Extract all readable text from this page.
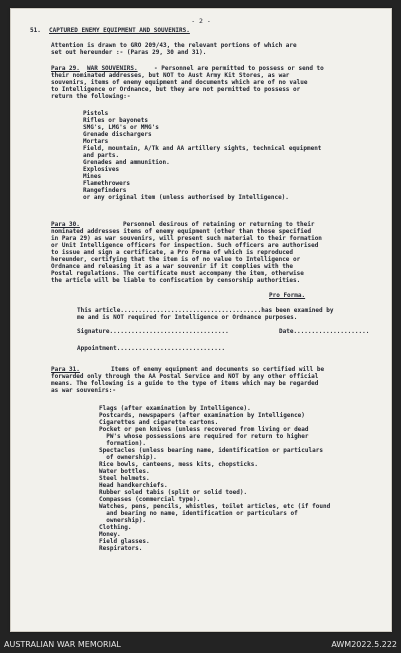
- 2 -
51. CAPTURED ENEMY EQUIPMENT AND SOUVENIRS.
Attention is drawn to GRO 209/43, the relevant portions of which are
set out hereunder :- (Paras 29, 30 and 31).
Para 29. WAR SOUVENIRS.	- Personnel are permitted to possess or send to
their nominated addresses, but NOT to Aust Army Kit Stores, as war
souvenirs, items of enemy equipment and documents which are of no value
to Intelligence or Ordnance, but they are not permitted to possess or
return the following:-
Pistols
Rifles or bayonets
SMG's, LMG's or MMG's
Grenade dischargers
Mortars
Field, mountain, A/Tk and AA artillery sights, technical equipment
and parts.
Grenades and ammunition.
Explosives
Mines
Flamethrowers
Rangefinders
or any original item (unless authorised by Intelligence).
Para 30.	Personnel desirous of retaining or returning to their
nominated addresses items of enemy equipment (other than those specified
in Para 29) as war souvenirs, will present such material to their formation
or Unit Intelligence officers for inspection. Such officers are authorised
to issue and sign a certificate, a Pro Forma of which is reproduced
hereunder, certifying that the item is of no value to Intelligence or
Ordnance and releasing it as a war souvenir if it complies with the
Postal regulations. The certificate must accompany the item, otherwise
the article will be liable to confiscation by censorship authorities.
Pro Forma.
This article.......................................has been examined by
me and is NOT required for Intelligence or Ordnance purposes.
Signature.................................	Date.....................
Appointment..............................
Para 31.	Items of enemy equipment and documents so certified will be
forwarded only through the AA Postal Service and NOT by any other official
means. The following is a guide to the type of items which may be regarded
as war souvenirs:-
Flags (after examination by Intelligence).
Postcards, newspapers (after examination by Intelligence)
Cigarettes and cigarette cartons.
Pocket or pen knives (unless recovered from living or dead
PW's whose possessions are required for return to higher
formation).
Spectacles (unless bearing name, identification or particulars
of ownership).
Rice bowls, canteens, mess kits, chopsticks.
Water bottles.
Steel helmets.
Head handkerchiefs.
Rubber soled tabis (split or solid toed).
Compasses (commercial type).
Watches, pens, pencils, whistles, toilet articles, etc (if found
and bearing no name, identification or particulars of
ownership).
Clothing.
Money.
Field glasses.
Respirators.
AUSTRALIAN WAR MEMORIAL	AWM2022.5.222
